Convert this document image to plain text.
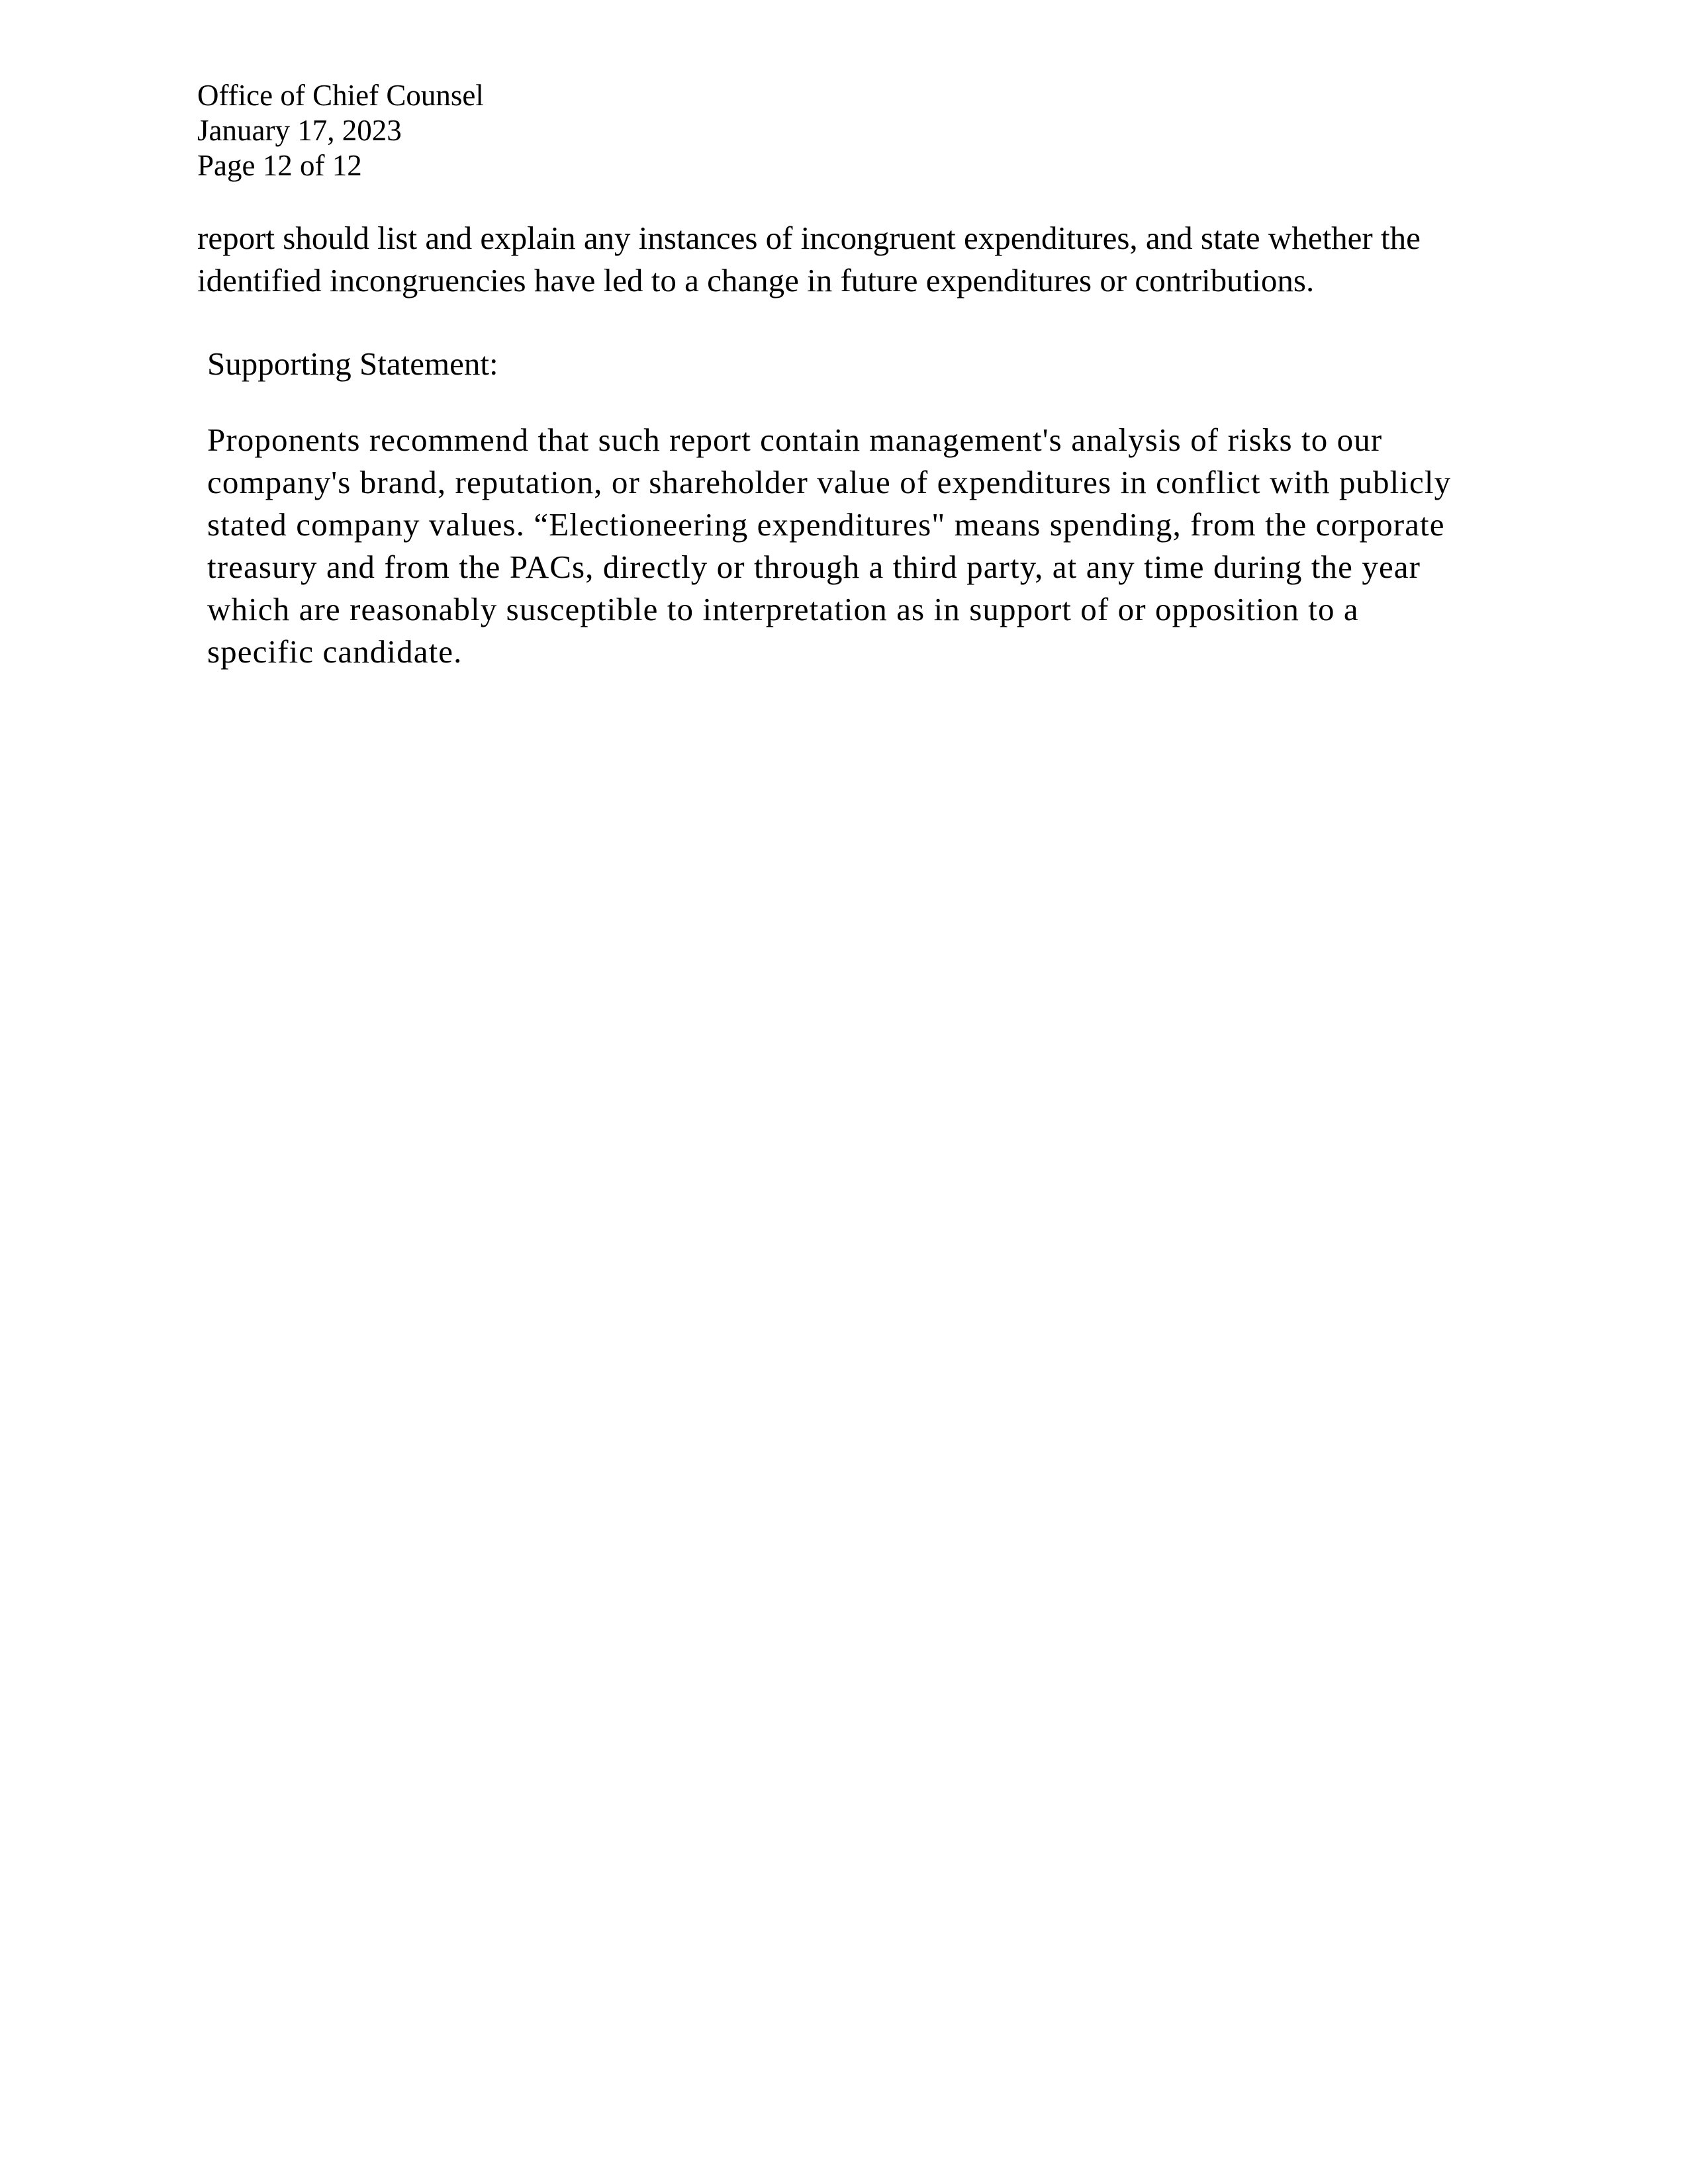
Office of Chief Counsel
January 17, 2023
Page 12 of 12
report should list and explain any instances of incongruent expenditures, and state whether the
identified incongruencies have led to a change in future expenditures or contributions.
Supporting Statement:
Proponents recommend that such report contain management's analysis of risks to our
company's brand, reputation, or shareholder value of expenditures in conflict with publicly
stated company values. “Electioneering expenditures" means spending, from the corporate
treasury and from the PACs, directly or through a third party, at any time during the year
which are reasonably susceptible to interpretation as in support of or opposition to a
specific candidate.
